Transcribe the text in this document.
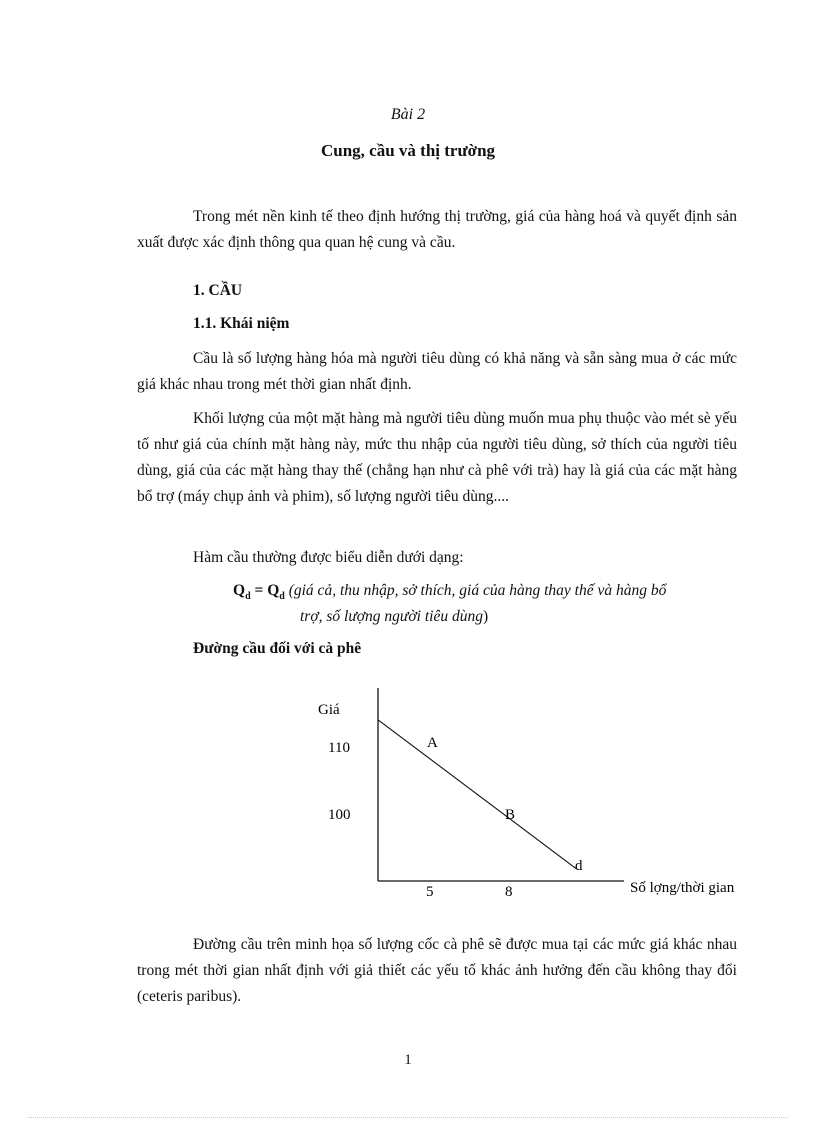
Bài 2
Cung, cầu và thị trường
Trong mét nền kinh tế theo định hướng thị trường, giá của hàng hoá và quyết định sản xuất được xác định thông qua quan hệ cung và cầu.
1. CẦU
1.1. Khái niệm
Cầu là số lượng hàng hóa mà người tiêu dùng có khả năng và sẵn sàng mua ở các mức giá khác nhau trong mét thời gian nhất định.
Khối lượng của một mặt hàng mà người tiêu dùng muốn mua phụ thuộc vào mét sè yếu tố như giá của chính mặt hàng này, mức thu nhập của người tiêu dùng, sở thích của người tiêu dùng, giá của các mặt hàng thay thế (chẳng hạn như cà phê với trà) hay là giá của các mặt hàng bổ trợ (máy chụp ảnh và phim), số lượng người tiêu dùng....
Hàm cầu thường được biểu diễn dưới dạng:
$Q_d = Q_d$ (giá cả, thu nhập, sở thích, giá của hàng thay thế và hàng bổ
trợ, số lượng người tiêu dùng)
Đường cầu đối với cà phê
Giá
110
100
5	8	Số lợng/thời gian
A
B
d
Đường cầu trên minh họa số lượng cốc cà phê sẽ được mua tại các mức giá khác nhau trong mét thời gian nhất định với giả thiết các yếu tố khác ảnh hưởng đến cầu không thay đổi (ceteris paribus).
1
